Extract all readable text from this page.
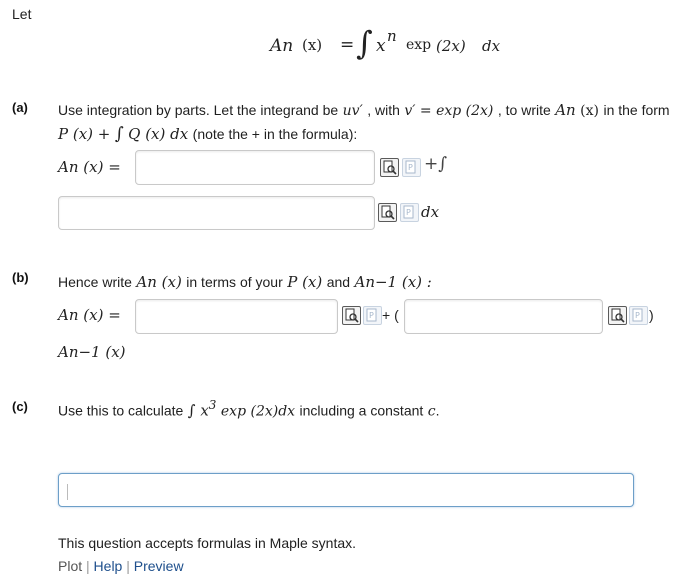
Let
An (x) = ∫ x n exp (2x) dx
(a) Use integration by parts. Let the integrand be uv′ , with v′ = exp (2x) , to write An (x) in the form
P (x) + ∫ Q (x) dx (note the + in the formula):
An (x) =	P +∫
P dx
(b) Hence write An (x) in terms of your P (x) and An−1 (x) :
An (x) =	P + (	P )
An−1 (x)
(c) Use this to calculate ∫ $x^3$ exp (2x)dx including a constant c.
This question accepts formulas in Maple syntax.
Plot | Help | Preview
